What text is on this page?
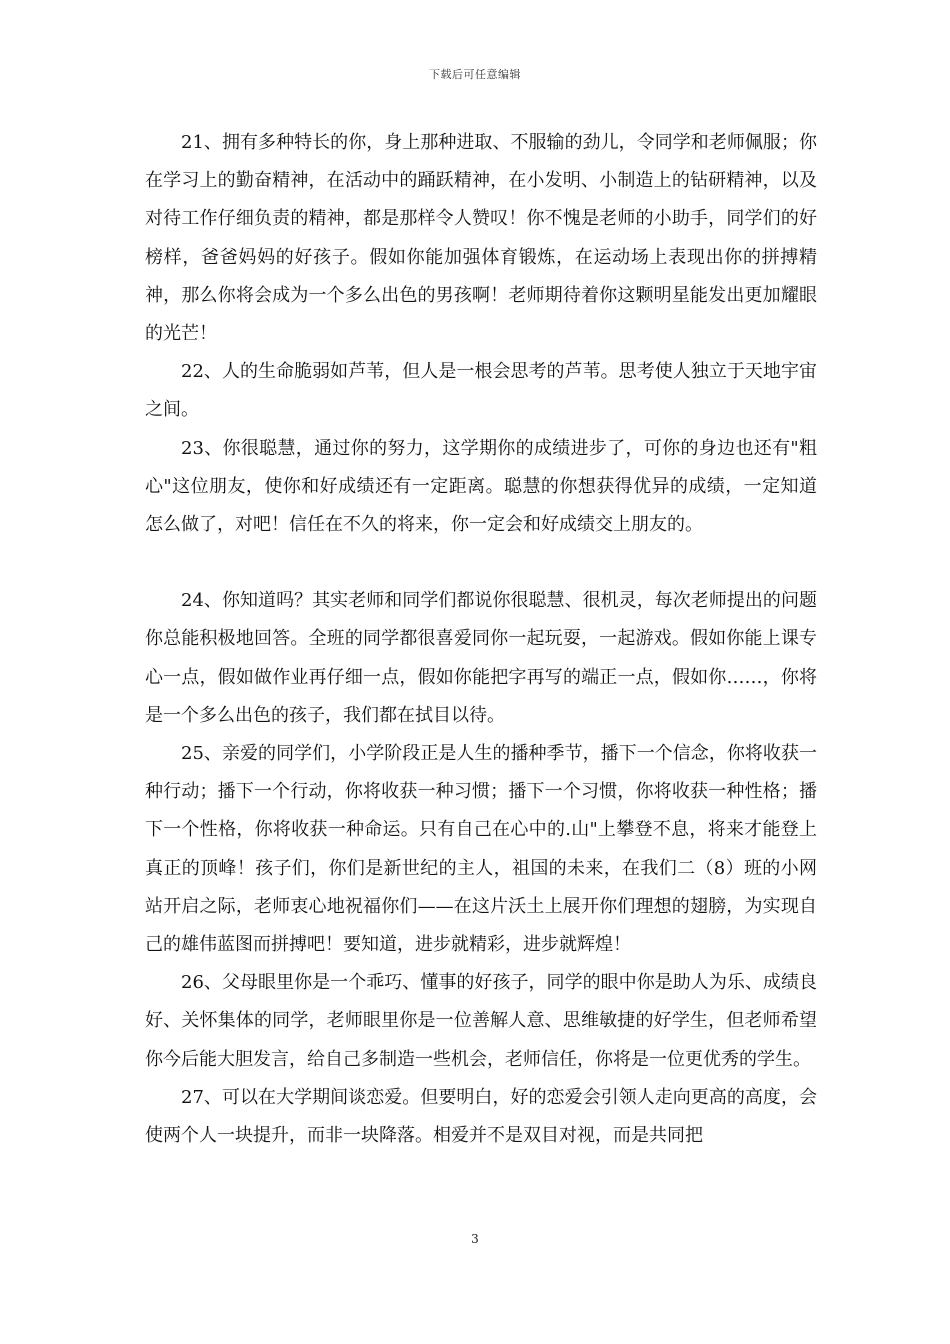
下载后可任意编辑

21、拥有多种特长的你，身上那种进取、不服输的劲儿，令同学和老师佩服；你在学习上的勤奋精神，在活动中的踊跃精神，在小发明、小制造上的钻研精神，以及对待工作仔细负责的精神，都是那样令人赞叹！你不愧是老师的小助手，同学们的好榜样，爸爸妈妈的好孩子。假如你能加强体育锻炼，在运动场上表现出你的拼搏精神，那么你将会成为一个多么出色的男孩啊！老师期待着你这颗明星能发出更加耀眼的光芒！

22、人的生命脆弱如芦苇，但人是一根会思考的芦苇。思考使人独立于天地宇宙之间。

23、你很聪慧，通过你的努力，这学期你的成绩进步了，可你的身边也还有"粗心"这位朋友，使你和好成绩还有一定距离。聪慧的你想获得优异的成绩，一定知道怎么做了，对吧！信任在不久的将来，你一定会和好成绩交上朋友的。

24、你知道吗？其实老师和同学们都说你很聪慧、很机灵，每次老师提出的问题你总能积极地回答。全班的同学都很喜爱同你一起玩耍，一起游戏。假如你能上课专心一点，假如做作业再仔细一点，假如你能把字再写的端正一点，假如你……，你将是一个多么出色的孩子，我们都在拭目以待。

25、亲爱的同学们，小学阶段正是人生的播种季节，播下一个信念，你将收获一种行动；播下一个行动，你将收获一种习惯；播下一个习惯，你将收获一种性格；播下一个性格，你将收获一种命运。只有自己在心中的.山"上攀登不息，将来才能登上真正的顶峰！孩子们，你们是新世纪的主人，祖国的未来，在我们二（8）班的小网站开启之际，老师衷心地祝福你们——在这片沃土上展开你们理想的翅膀，为实现自己的雄伟蓝图而拼搏吧！要知道，进步就精彩，进步就辉煌！

26、父母眼里你是一个乖巧、懂事的好孩子，同学的眼中你是助人为乐、成绩良好、关怀集体的同学，老师眼里你是一位善解人意、思维敏捷的好学生，但老师希望你今后能大胆发言，给自己多制造一些机会，老师信任，你将是一位更优秀的学生。

27、可以在大学期间谈恋爱。但要明白，好的恋爱会引领人走向更高的高度，会使两个人一块提升，而非一块降落。相爱并不是双目对视，而是共同把

3
